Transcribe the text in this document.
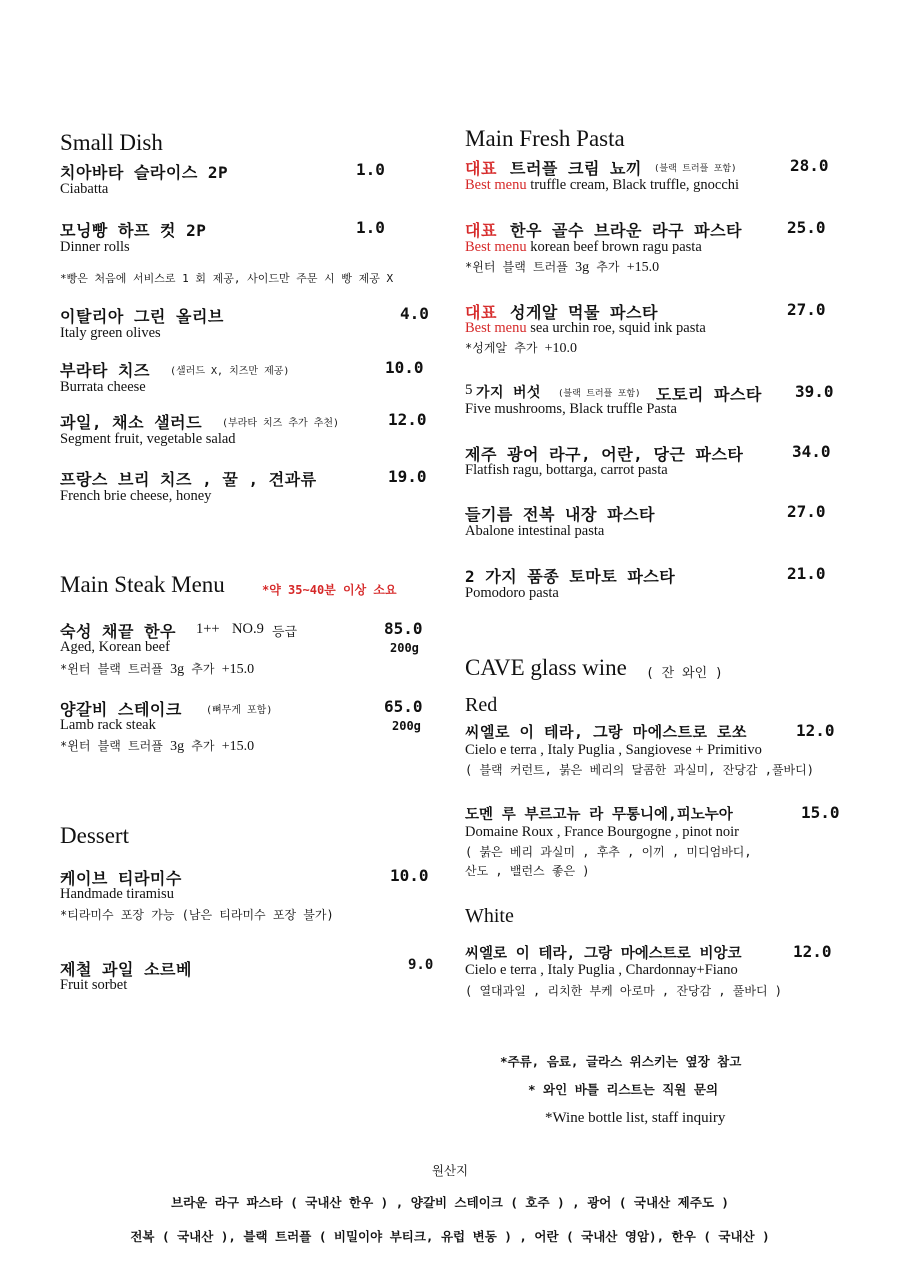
Small Dish
치아바타 슬라이스 2P	1.0
Ciabatta
모닝빵 하프 컷 2P	1.0
Dinner rolls
*빵은 처음에 서비스로 1 회 제공, 사이드만 주문 시 빵 제공 X
이탈리아 그린 올리브	4.0
Italy green olives
부라타 치즈 (샐러드 X, 치즈만 제공)	10.0
Burrata cheese
과일, 채소 샐러드 (부라타 치즈 추가 추천)	12.0
Segment fruit, vegetable salad
프랑스 브리 치즈 , 꿀 , 견과류	19.0
French brie cheese, honey
Main Steak Menu	*약 35~40분 이상 소요
숙성 채끝 한우 1++ NO.9 등급	85.0
Aged, Korean beef	200g
*윈터 블랙 트러플 3g 추가 +15.0
양갈비 스테이크 (뼈무게 포함)	65.0
Lamb rack steak	200g
*윈터 블랙 트러플 3g 추가 +15.0
Dessert
케이브 티라미수	10.0
Handmade tiramisu
*티라미수 포장 가능 (남은 티라미수 포장 불가)
제철 과일 소르베	9.0
Fruit sorbet
Main Fresh Pasta
대표 트러플 크림 뇨끼 (블랙 트러플 포함)	28.0
Best menu truffle cream, Black truffle, gnocchi
대표 한우 골수 브라운 라구 파스타	25.0
Best menu korean beef brown ragu pasta
*윈터 블랙 트러플 3g 추가 +15.0
대표 성게알 먹물 파스타	27.0
Best menu sea urchin roe, squid ink pasta
*성게알 추가 +10.0
5 가지 버섯 (블랙 트러플 포함) 도토리 파스타 39.0
Five mushrooms, Black truffle Pasta
제주 광어 라구, 어란, 당근 파스타	34.0
Flatfish ragu, bottarga, carrot pasta
들기름 전복 내장 파스타	27.0
Abalone intestinal pasta
2 가지 품종 토마토 파스타	21.0
Pomodoro pasta
CAVE glass wine ( 잔 와인 )
Red
씨엘로 이 테라, 그랑 마에스트로 로쏘	12.0
Cielo e terra , Italy Puglia , Sangiovese + Primitivo
( 블랙 커런트, 붉은 베리의 달콤한 과실미, 잔당감 ,풀바디)
도멘 루 부르고뉴 라 무통니에,피노누아	15.0
Domaine Roux , France Bourgogne , pinot noir
( 붉은 베리 과실미 , 후추 , 이끼 , 미디엄바디,
산도 , 밸런스 좋은 )
White
씨엘로 이 테라, 그랑 마에스트로 비앙코	12.0
Cielo e terra , Italy Puglia , Chardonnay+Fiano
( 열대과일 , 리치한 부케 아로마 , 잔당감 , 풀바디 )
*주류, 음료, 글라스 위스키는 옆장 참고
* 와인 바틀 리스트는 직원 문의
*Wine bottle list, staff inquiry
원산지
브라운 라구 파스타 ( 국내산 한우 ) , 양갈비 스테이크 ( 호주 ) , 광어 ( 국내산 제주도 )
전복 ( 국내산 ), 블랙 트러플 ( 비밀이야 부티크, 유럽 변동 ) , 어란 ( 국내산 영암), 한우 ( 국내산 )
